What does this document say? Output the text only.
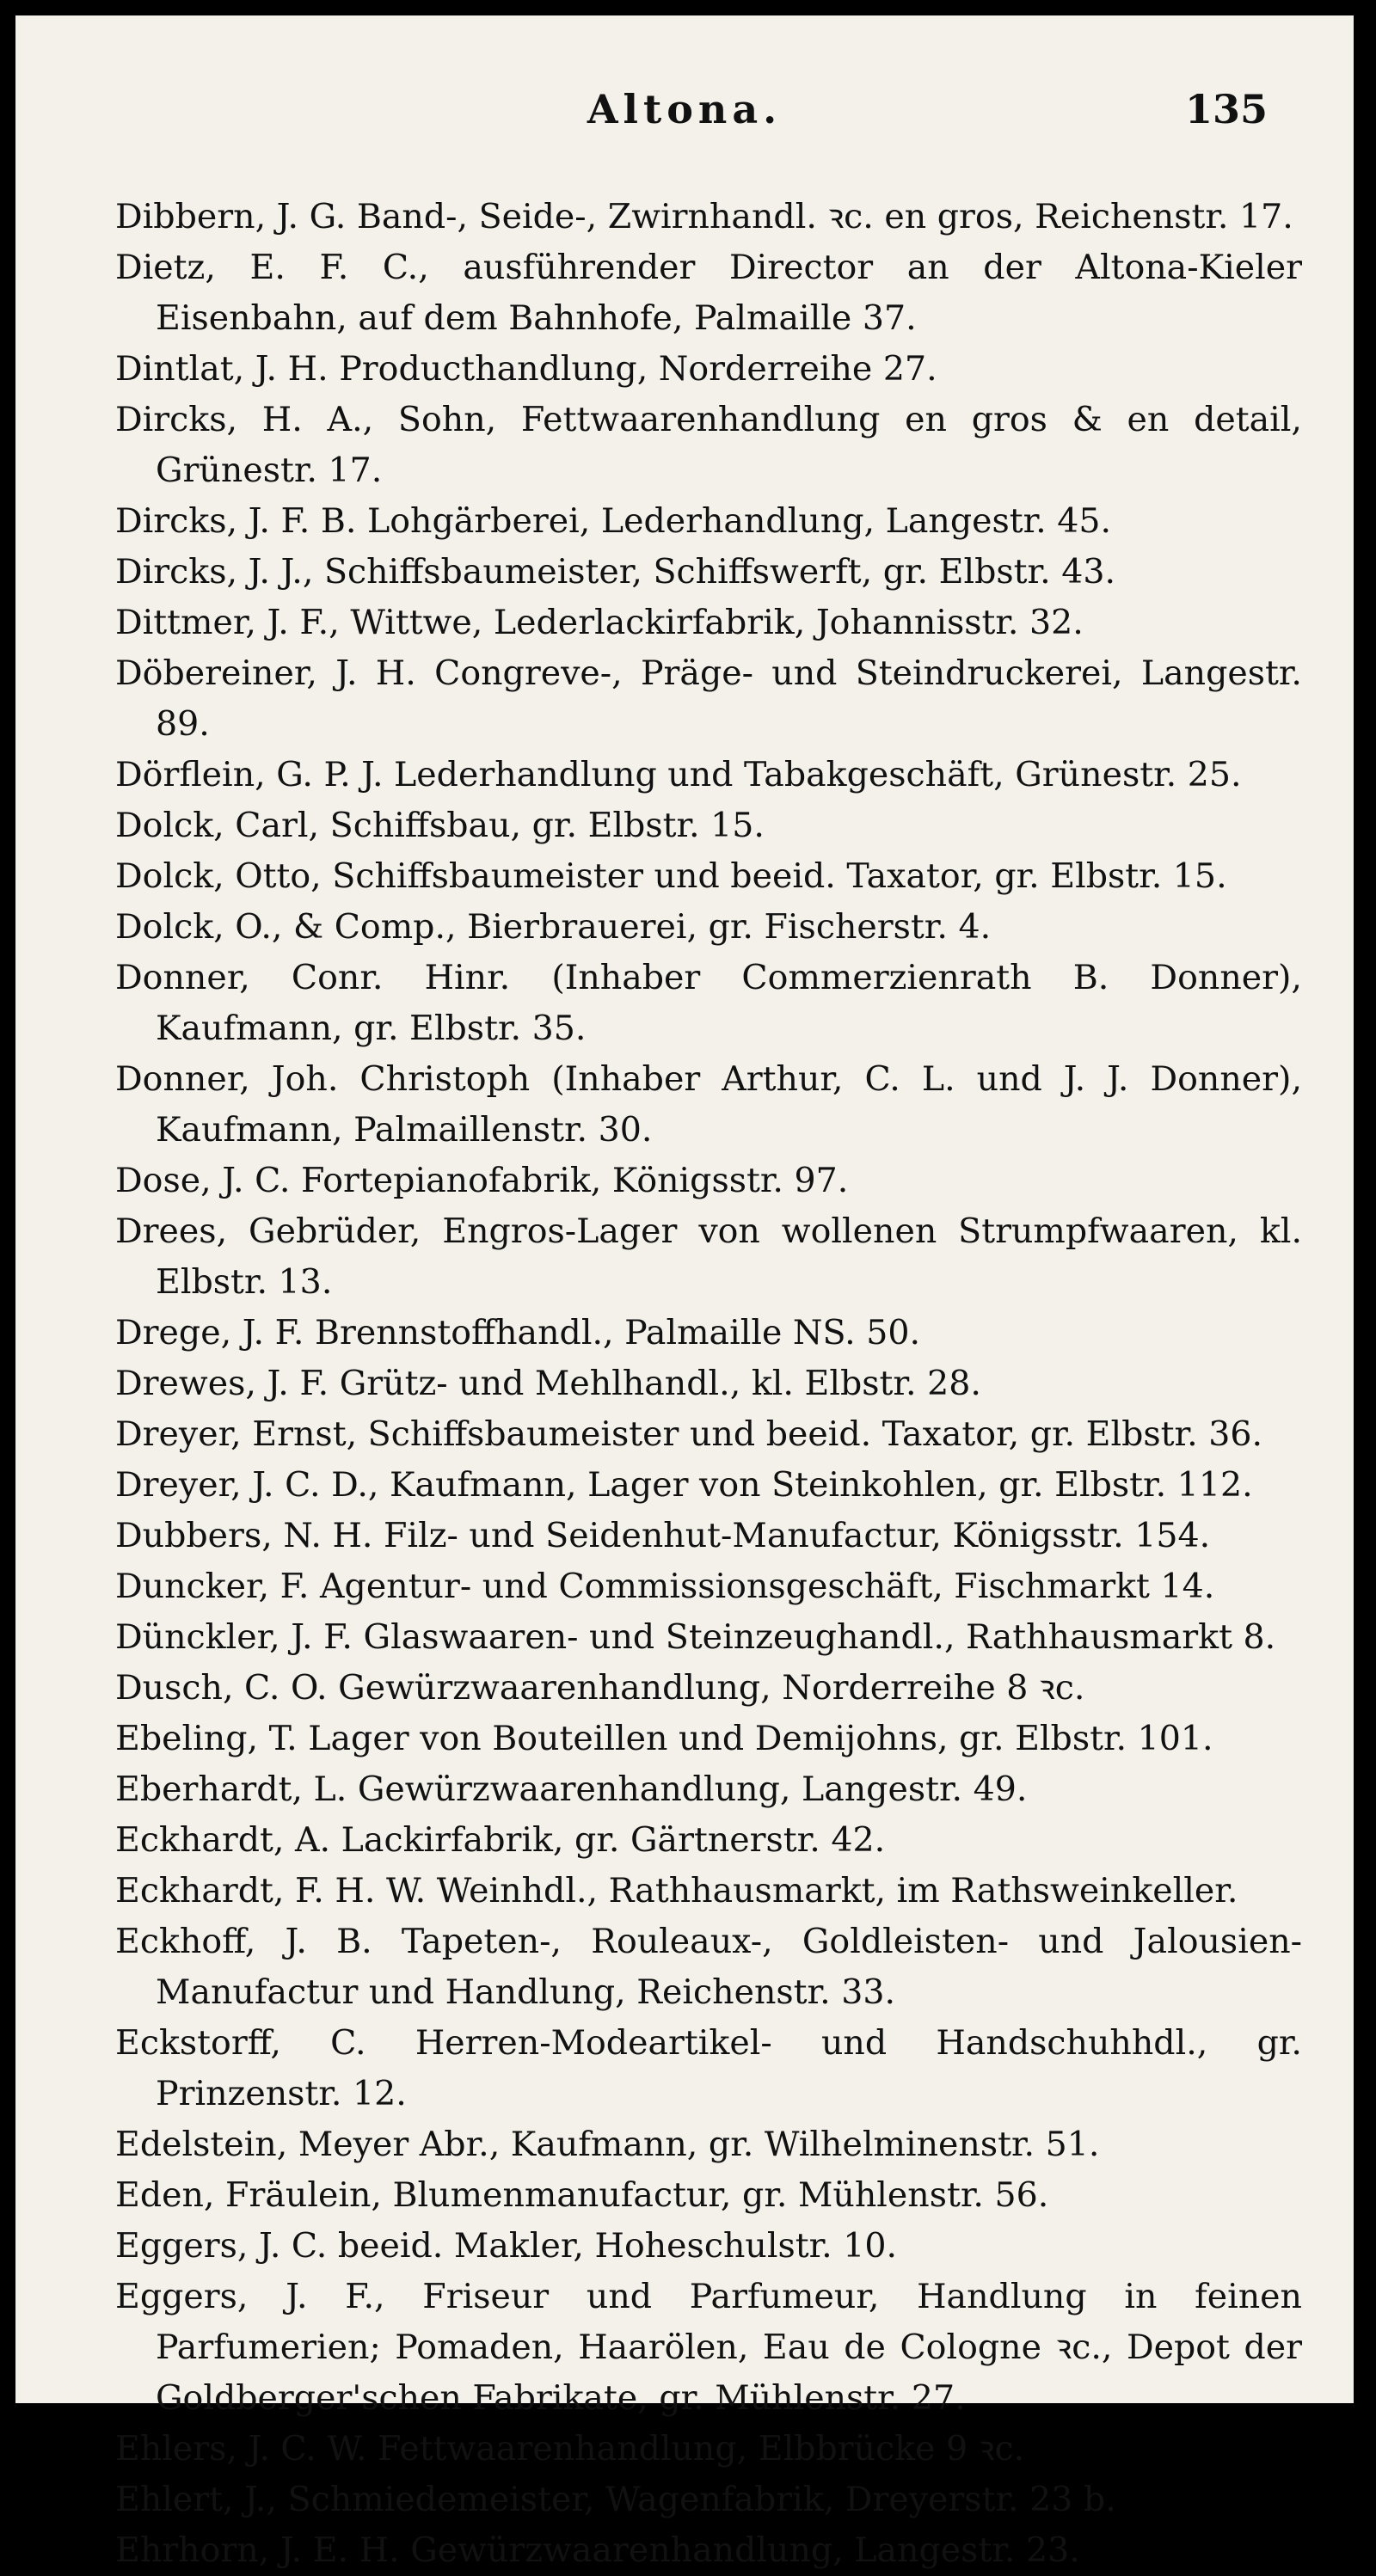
Altona.	135
Dibbern, J. G. Band-, Seide-, Zwirnhandl. ꝛc. en gros, Reichenstr. 17.
Dietz, E. F. C., ausführender Director an der Altona-Kieler Eisenbahn, auf dem Bahnhofe, Palmaille 37.
Dintlat, J. H. Producthandlung, Norderreihe 27.
Dircks, H. A., Sohn, Fettwaarenhandlung en gros & en detail, Grünestr. 17.
Dircks, J. F. B. Lohgärberei, Lederhandlung, Langestr. 45.
Dircks, J. J., Schiffsbaumeister, Schiffswerft, gr. Elbstr. 43.
Dittmer, J. F., Wittwe, Lederlackirfabrik, Johannisstr. 32.
Döbereiner, J. H. Congreve-, Präge- und Steindruckerei, Langestr. 89.
Dörflein, G. P. J. Lederhandlung und Tabakgeschäft, Grünestr. 25.
Dolck, Carl, Schiffsbau, gr. Elbstr. 15.
Dolck, Otto, Schiffsbaumeister und beeid. Taxator, gr. Elbstr. 15.
Dolck, O., & Comp., Bierbrauerei, gr. Fischerstr. 4.
Donner, Conr. Hinr. (Inhaber Commerzienrath B. Donner), Kaufmann, gr. Elbstr. 35.
Donner, Joh. Christoph (Inhaber Arthur, C. L. und J. J. Donner), Kaufmann, Palmaillenstr. 30.
Dose, J. C. Fortepianofabrik, Königsstr. 97.
Drees, Gebrüder, Engros-Lager von wollenen Strumpfwaaren, kl. Elbstr. 13.
Drege, J. F. Brennstoffhandl., Palmaille NS. 50.
Drewes, J. F. Grütz- und Mehlhandl., kl. Elbstr. 28.
Dreyer, Ernst, Schiffsbaumeister und beeid. Taxator, gr. Elbstr. 36.
Dreyer, J. C. D., Kaufmann, Lager von Steinkohlen, gr. Elbstr. 112.
Dubbers, N. H. Filz- und Seidenhut-Manufactur, Königsstr. 154.
Duncker, F. Agentur- und Commissionsgeschäft, Fischmarkt 14.
Dünckler, J. F. Glaswaaren- und Steinzeughandl., Rathhausmarkt 8.
Dusch, C. O. Gewürzwaarenhandlung, Norderreihe 8 ꝛc.
Ebeling, T. Lager von Bouteillen und Demijohns, gr. Elbstr. 101.
Eberhardt, L. Gewürzwaarenhandlung, Langestr. 49.
Eckhardt, A. Lackirfabrik, gr. Gärtnerstr. 42.
Eckhardt, F. H. W. Weinhdl., Rathhausmarkt, im Rathsweinkeller.
Eckhoff, J. B. Tapeten-, Rouleaux-, Goldleisten- und Jalousien-Manufactur und Handlung, Reichenstr. 33.
Eckstorff, C. Herren-Modeartikel- und Handschuhhdl., gr. Prinzenstr. 12.
Edelstein, Meyer Abr., Kaufmann, gr. Wilhelminenstr. 51.
Eden, Fräulein, Blumenmanufactur, gr. Mühlenstr. 56.
Eggers, J. C. beeid. Makler, Hoheschulstr. 10.
Eggers, J. F., Friseur und Parfumeur, Handlung in feinen Parfumerien; Pomaden, Haarölen, Eau de Cologne ꝛc., Depot der Goldberger'schen Fabrikate, gr. Mühlenstr. 27.
Ehlers, J. C. W. Fettwaarenhandlung, Elbbrücke 9 ꝛc.
Ehlert, J., Schmiedemeister, Wagenfabrik, Dreyerstr. 23 b.
Ehrhorn, J. E. H. Gewürzwaarenhandlung, Langestr. 23.
